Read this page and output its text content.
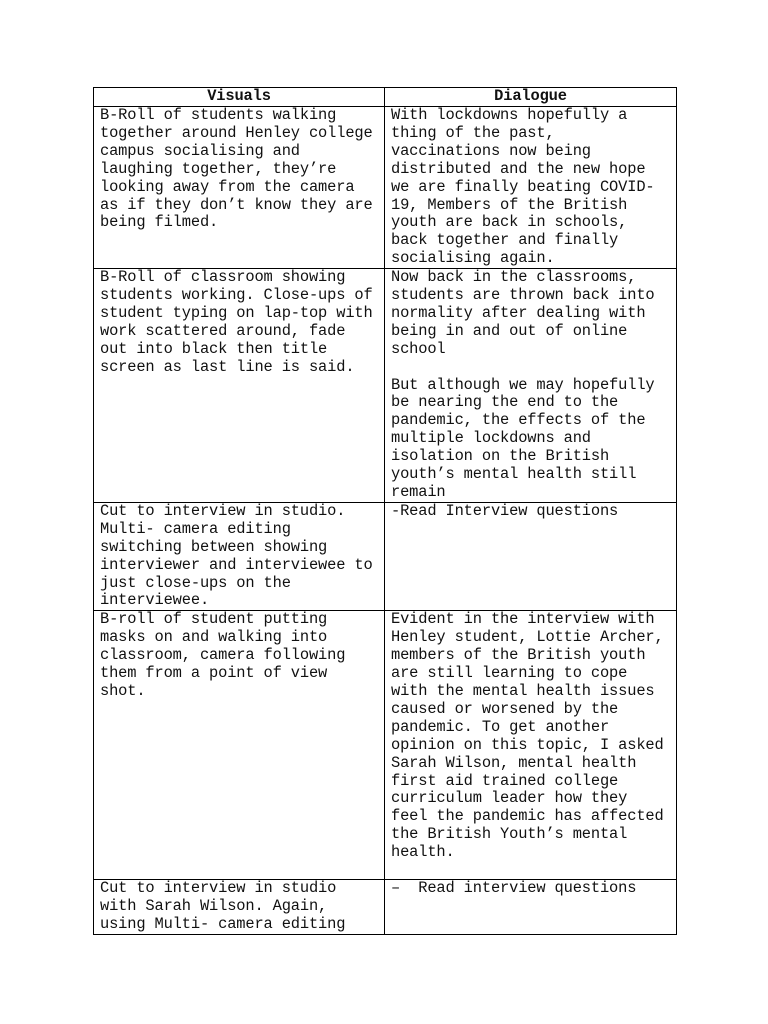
Visuals	Dialogue
B-Roll of students walking together around Henley college campus socialising and laughing together, they’re looking away from the camera as if they don’t know they are being filmed.	With lockdowns hopefully a thing of the past, vaccinations now being distributed and the new hope we are finally beating COVID-19, Members of the British youth are back in schools, back together and finally socialising again.
B-Roll of classroom showing students working. Close-ups of student typing on lap-top with work scattered around, fade out into black then title screen as last line is said.	Now back in the classrooms, students are thrown back into normality after dealing with being in and out of online school
But although we may hopefully be nearing the end to the pandemic, the effects of the multiple lockdowns and isolation on the British youth’s mental health still remain
Cut to interview in studio. Multi- camera editing switching between showing interviewer and interviewee to just close-ups on the interviewee.	-Read Interview questions
B-roll of student putting masks on and walking into classroom, camera following them from a point of view shot.	Evident in the interview with Henley student, Lottie Archer, members of the British youth are still learning to cope with the mental health issues caused or worsened by the pandemic. To get another opinion on this topic, I asked Sarah Wilson, mental health first aid trained college curriculum leader how they feel the pandemic has affected the British Youth’s mental health.
Cut to interview in studio with Sarah Wilson. Again, using Multi- camera editing	–  Read interview questions
